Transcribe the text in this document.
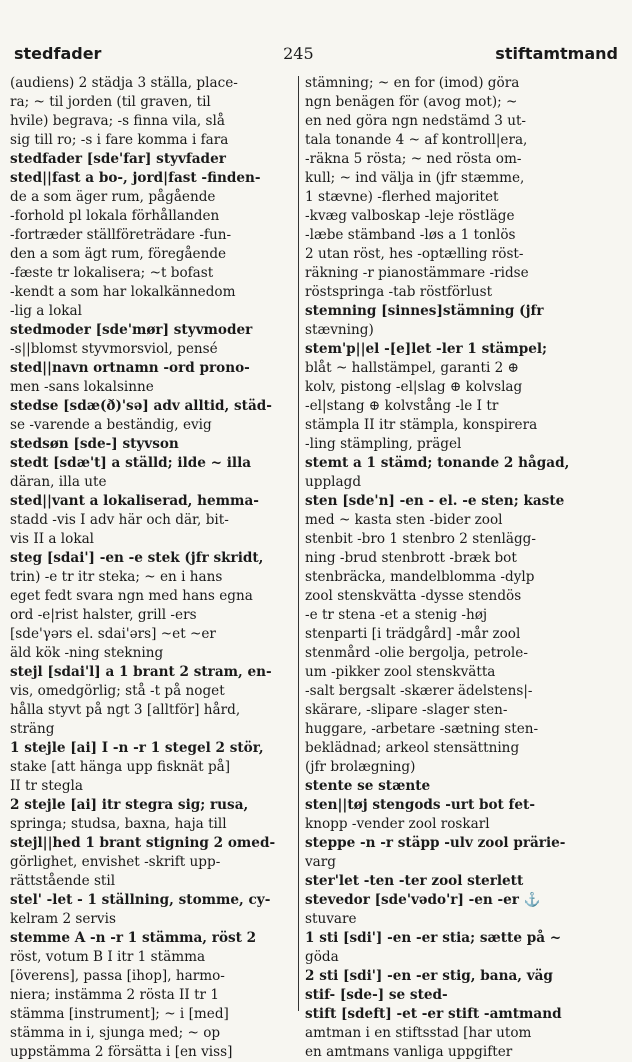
stedfader	245	stiftamtmand
(audiens) 2 städja 3 ställa, place-
ra; ~ til jorden (til graven, til
hvile) begrava; -s finna vila, slå
sig till ro; -s i fare komma i fara
stedfader [sde'far] styvfader
sted||fast a bo-, jord|fast -finden-
de a som äger rum, pågående
-forhold pl lokala förhållanden
-fortræder ställföreträdare -fun-
den a som ägt rum, föregående
-fæste tr lokalisera; ~t bofast
-kendt a som har lokalkännedom
-lig a lokal
stedmoder [sde'mør] styvmoder
-s||blomst styvmorsviol, pensé
sted||navn ortnamn -ord prono-
men -sans lokalsinne
stedse [sdæ(ð)'sə] adv alltid, städ-
se -varende a beständig, evig
stedsøn [sde-] styvson
stedt [sdæ't] a ställd; ilde ~ illa
däran, illa ute
sted||vant a lokaliserad, hemma-
stadd -vis I adv här och där, bit-
vis II a lokal
steg [sdai'] -en -e stek (jfr skridt,
trin) -e tr itr steka; ~ en i hans
eget fedt svara ngn med hans egna
ord -e|rist halster, grill -ers
[sde'γərs el. sdai'ərs] ~et ~er
äld kök -ning stekning
stejl [sdai'l] a 1 brant 2 stram, en-
vis, omedgörlig; stå -t på noget
hålla styvt på ngt 3 [alltför] hård,
sträng
1 stejle [ai] I -n -r 1 stegel 2 stör,
stake [att hänga upp fisknät på]
II tr stegla
2 stejle [ai] itr stegra sig; rusa,
springa; studsa, baxna, haja till
stejl||hed 1 brant stigning 2 omed-
görlighet, envishet -skrift upp-
rättstående stil
stel' -let - 1 ställning, stomme, cy-
kelram 2 servis
stemme A -n -r 1 stämma, röst 2
röst, votum B I itr 1 stämma
[överens], passa [ihop], harmo-
niera; instämma 2 rösta II tr 1
stämma [instrument]; ~ i [med]
stämma in i, sjunga med; ~ op
uppstämma 2 försätta i [en viss]
stämning; ~ en for (imod) göra
ngn benägen för (avog mot); ~
en ned göra ngn nedstämd 3 ut-
tala tonande 4 ~ af kontroll|era,
-räkna 5 rösta; ~ ned rösta om-
kull; ~ ind välja in (jfr stæmme,
1 stævne) -flerhed majoritet
-kvæg valboskap -leje röstläge
-læbe stämband -løs a 1 tonlös
2 utan röst, hes -optælling röst-
räkning -r pianostämmare -ridse
röstspringa -tab röstförlust
stemning [sinnes]stämning (jfr
stævning)
stem'p||el -[e]let -ler 1 stämpel;
blåt ~ hallstämpel, garanti 2 ⊕
kolv, pistong -el|slag ⊕ kolvslag
-el|stang ⊕ kolvstång -le I tr
stämpla II itr stämpla, konspirera
-ling stämpling, prägel
stemt a 1 stämd; tonande 2 hågad,
upplagd
sten [sde'n] -en - el. -e sten; kaste
med ~ kasta sten -bider zool
stenbit -bro 1 stenbro 2 stenlägg-
ning -brud stenbrott -bræk bot
stenbräcka, mandelblomma -dylp
zool stenskvätta -dysse stendös
-e tr stena -et a stenig -høj
stenparti [i trädgård] -mår zool
stenmård -olie bergolja, petrole-
um -pikker zool stenskvätta
-salt bergsalt -skærer ädelstens|-
skärare, -slipare -slager sten-
huggare, -arbetare -sætning sten-
beklädnad; arkeol stensättning
(jfr brolægning)
stente se stænte
sten||tøj stengods -urt bot fet-
knopp -vender zool roskarl
steppe -n -r stäpp -ulv zool prärie-
varg
ster'let -ten -ter zool sterlett
stevedor [sde'vədo'r] -en -er ⚓
stuvare
1 sti [sdi'] -en -er stia; sætte på ~
göda
2 sti [sdi'] -en -er stig, bana, väg
stif- [sde-] se sted-
stift [sdeft] -et -er stift -amtmand
amtman i en stiftsstad [har utom
en amtmans vanliga uppgifter
